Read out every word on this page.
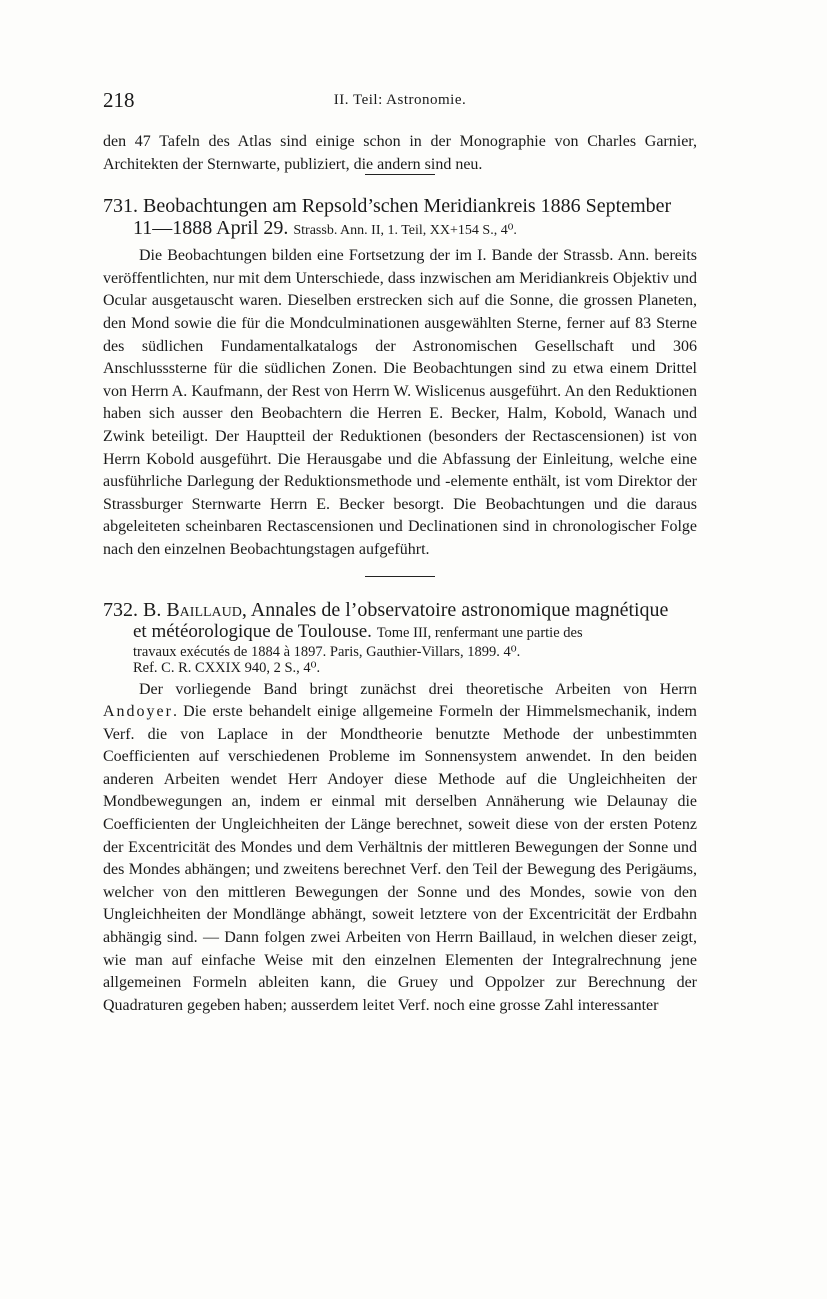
218	II. Teil: Astronomie.

den 47 Tafeln des Atlas sind einige schon in der Monographie von Charles Garnier, Architekten der Sternwarte, publiziert, die andern sind neu.

731. Beobachtungen am Repsold’schen Meridiankreis 1886 September
11—1888 April 29. Strassb. Ann. II, 1. Teil, XX+154 S., 4⁰.

Die Beobachtungen bilden eine Fortsetzung der im I. Bande der Strassb. Ann. bereits veröffentlichten, nur mit dem Unterschiede, dass inzwischen am Meridiankreis Objektiv und Ocular ausgetauscht waren. Dieselben erstrecken sich auf die Sonne, die grossen Planeten, den Mond sowie die für die Mondculminationen ausgewählten Sterne, ferner auf 83 Sterne des südlichen Fundamentalkatalogs der Astronomischen Gesellschaft und 306 Anschlusssterne für die südlichen Zonen. Die Beobachtungen sind zu etwa einem Drittel von Herrn A. Kaufmann, der Rest von Herrn W. Wislicenus ausgeführt. An den Reduktionen haben sich ausser den Beobachtern die Herren E. Becker, Halm, Kobold, Wanach und Zwink beteiligt. Der Hauptteil der Reduktionen (besonders der Rectascensionen) ist von Herrn Kobold ausgeführt. Die Herausgabe und die Abfassung der Einleitung, welche eine ausführliche Darlegung der Reduktionsmethode und -elemente enthält, ist vom Direktor der Strassburger Sternwarte Herrn E. Becker besorgt. Die Beobachtungen und die daraus abgeleiteten scheinbaren Rectascensionen und Declinationen sind in chronologischer Folge nach den einzelnen Beobachtungstagen aufgeführt.

732. B. Baillaud, Annales de l’observatoire astronomique magnétique
et météorologique de Toulouse. Tome III, renfermant une partie des

travaux exécutés de 1884 à 1897. Paris, Gauthier-Villars, 1899. 4⁰.

Ref. C. R. CXXIX 940, 2 S., 4⁰.

Der vorliegende Band bringt zunächst drei theoretische Arbeiten von Herrn Andoyer. Die erste behandelt einige allgemeine Formeln der Himmelsmechanik, indem Verf. die von Laplace in der Mondtheorie benutzte Methode der unbestimmten Coefficienten auf verschiedenen Probleme im Sonnensystem anwendet. In den beiden anderen Arbeiten wendet Herr Andoyer diese Methode auf die Ungleichheiten der Mondbewegungen an, indem er einmal mit derselben Annäherung wie Delaunay die Coefficienten der Ungleichheiten der Länge berechnet, soweit diese von der ersten Potenz der Excentricität des Mondes und dem Verhältnis der mittleren Bewegungen der Sonne und des Mondes abhängen; und zweitens berechnet Verf. den Teil der Bewegung des Perigäums, welcher von den mittleren Bewegungen der Sonne und des Mondes, sowie von den Ungleichheiten der Mondlänge abhängt, soweit letztere von der Excentricität der Erdbahn abhängig sind. — Dann folgen zwei Arbeiten von Herrn Baillaud, in welchen dieser zeigt, wie man auf einfache Weise mit den einzelnen Elementen der Integralrechnung jene allgemeinen Formeln ableiten kann, die Gruey und Oppolzer zur Berechnung der Quadraturen gegeben haben; ausserdem leitet Verf. noch eine grosse Zahl interessanter
